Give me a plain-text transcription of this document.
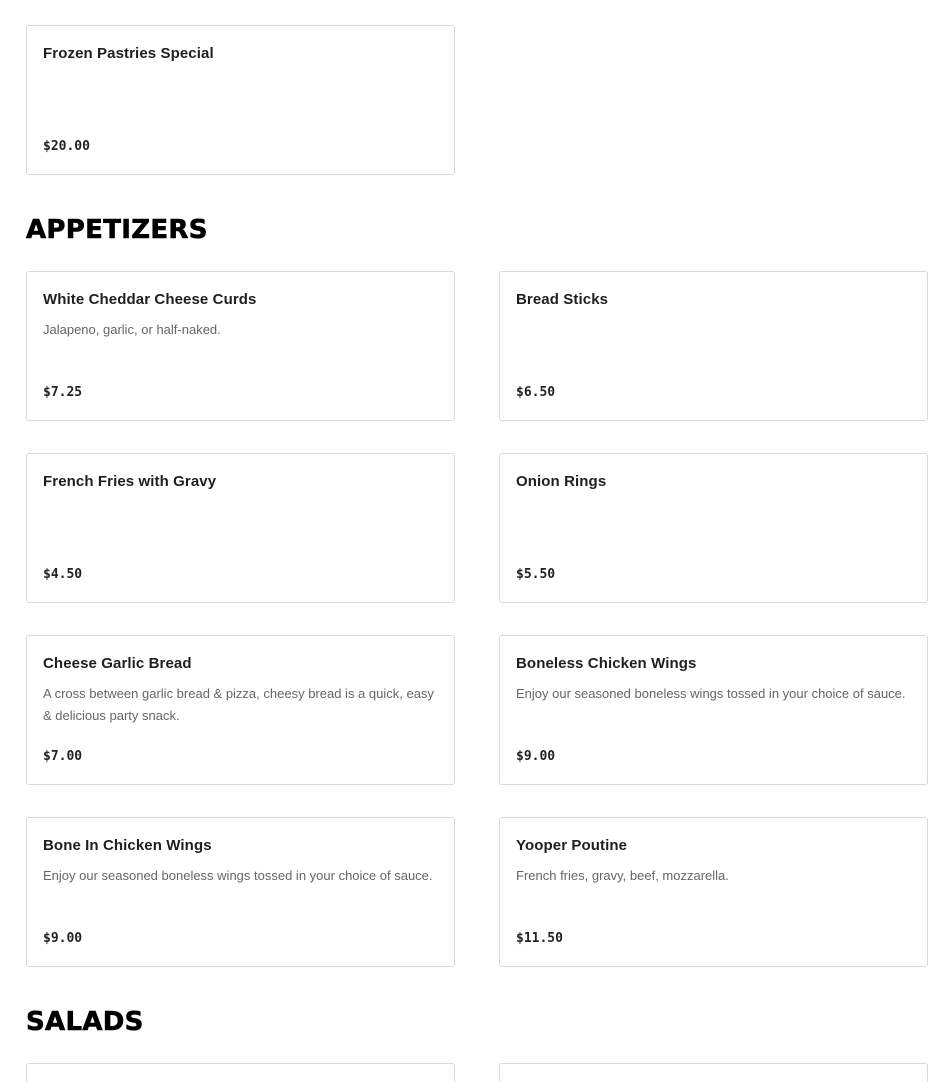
Frozen Pastries Special
$20.00
APPETIZERS
White Cheddar Cheese Curds
Jalapeno, garlic, or half-naked.
$7.25
Bread Sticks
$6.50
French Fries with Gravy
$4.50
Onion Rings
$5.50
Cheese Garlic Bread
A cross between garlic bread & pizza, cheesy bread is a quick, easy & delicious party snack.
$7.00
Boneless Chicken Wings
Enjoy our seasoned boneless wings tossed in your choice of sauce.
$9.00
Bone In Chicken Wings
Enjoy our seasoned boneless wings tossed in your choice of sauce.
$9.00
Yooper Poutine
French fries, gravy, beef, mozzarella.
$11.50
SALADS
